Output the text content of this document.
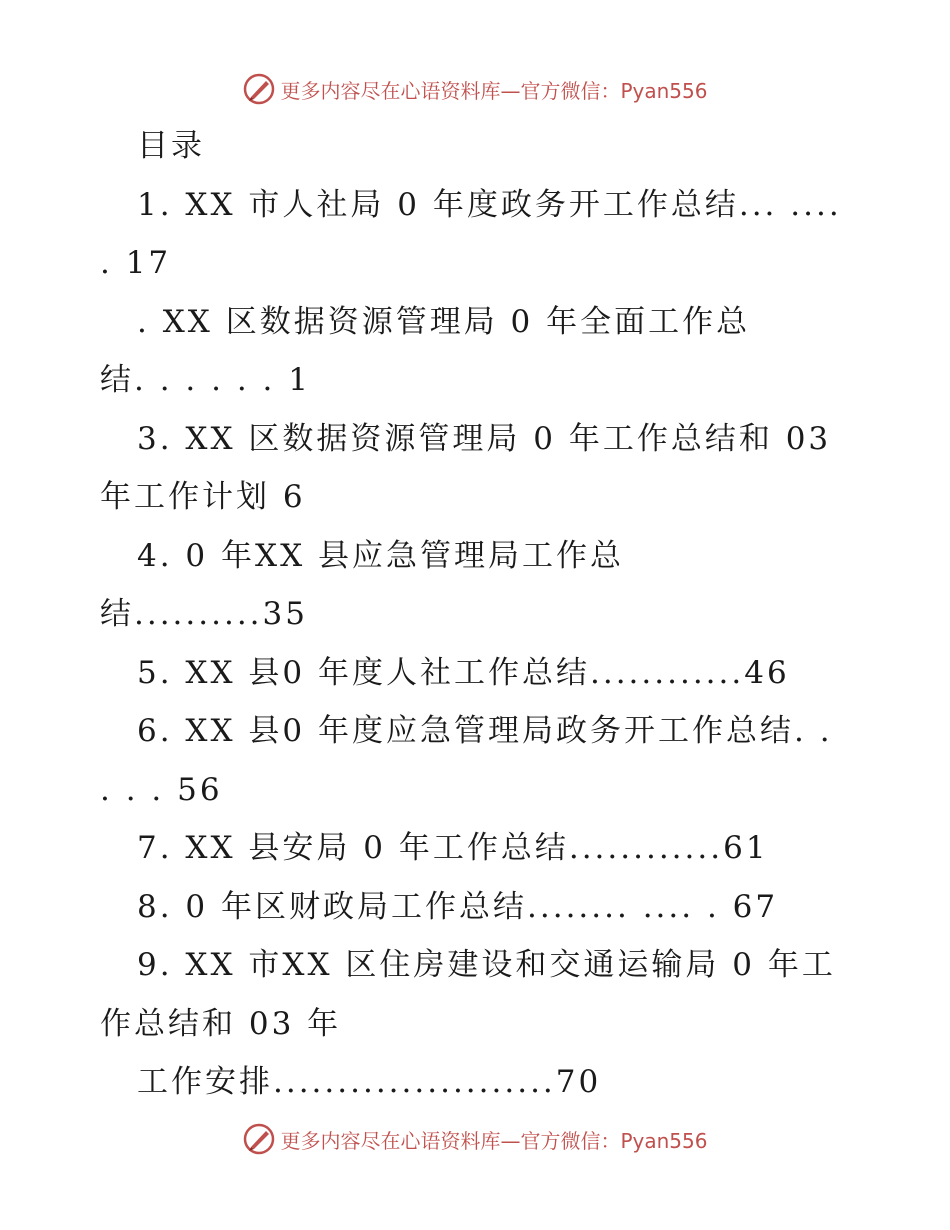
更多内容尽在心语资料库 —官方微信：Pyan556
目录
1. XX 市人社局 0 年度政务开工作总结... ....
. 17
. XX 区数据资源管理局 0 年全面工作总
结. . . . . . 1
3. XX 区数据资源管理局 0 年工作总结和 03
年工作计划 6
4. 0 年XX 县应急管理局工作总
结..........35
5. XX 县0 年度人社工作总结............46
6. XX 县0 年度应急管理局政务开工作总结. .
. . . 56
7. XX 县安局 0 年工作总结............61
8. 0 年区财政局工作总结........ .... . 67
9. XX 市XX 区住房建设和交通运输局 0 年工
作总结和 03 年
工作安排......................70
更多内容尽在心语资料库 —官方微信：Pyan556
